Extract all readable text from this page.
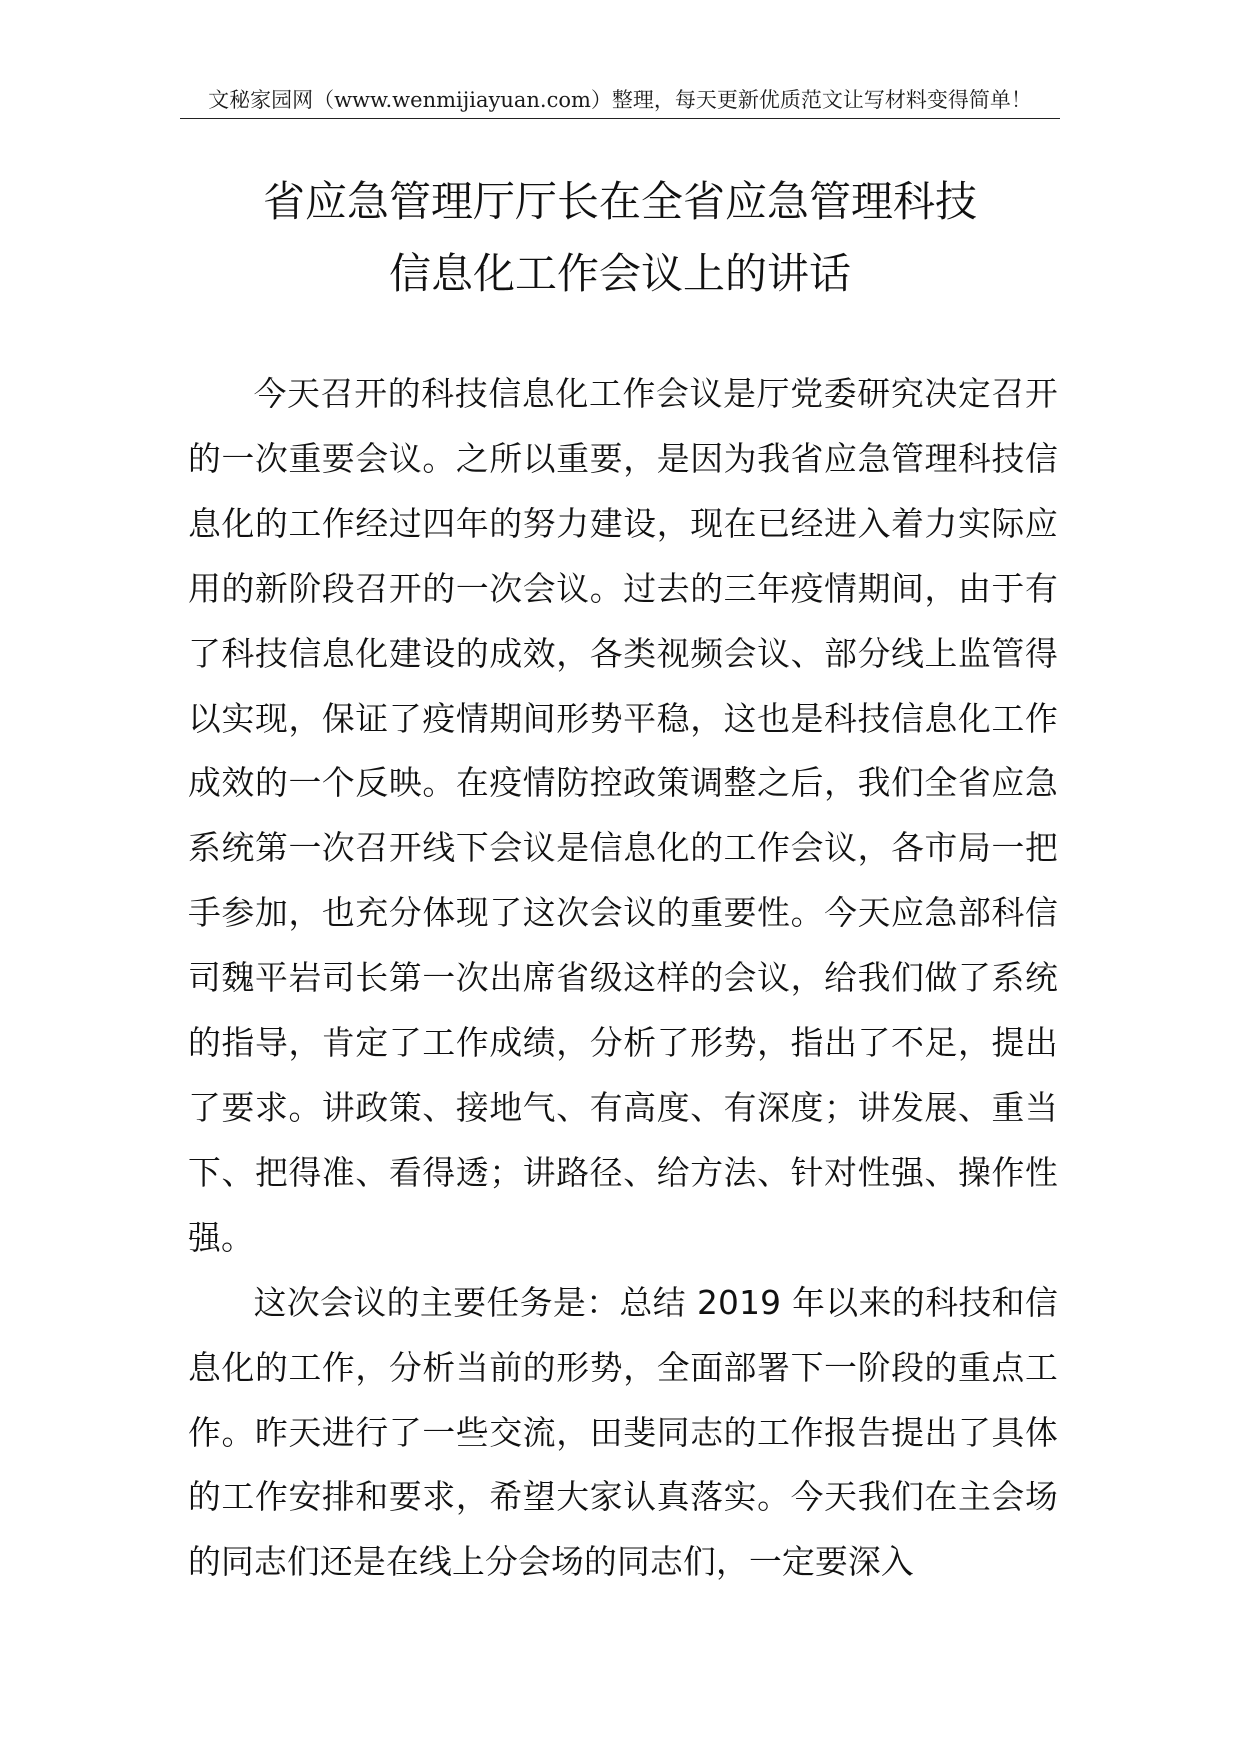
文秘家园网（www.wenmijiayuan.com）整理，每天更新优质范文让写材料变得简单！
省应急管理厅厅长在全省应急管理科技
信息化工作会议上的讲话

今天召开的科技信息化工作会议是厅党委研究决定召开的一次重要会议。之所以重要，是因为我省应急管理科技信息化的工作经过四年的努力建设，现在已经进入着力实际应用的新阶段召开的一次会议。过去的三年疫情期间，由于有了科技信息化建设的成效，各类视频会议、部分线上监管得以实现，保证了疫情期间形势平稳，这也是科技信息化工作成效的一个反映。在疫情防控政策调整之后，我们全省应急系统第一次召开线下会议是信息化的工作会议，各市局一把手参加，也充分体现了这次会议的重要性。今天应急部科信司魏平岩司长第一次出席省级这样的会议，给我们做了系统的指导，肯定了工作成绩，分析了形势，指出了不足，提出了要求。讲政策、接地气、有高度、有深度；讲发展、重当下、把得准、看得透；讲路径、给方法、针对性强、操作性强。

这次会议的主要任务是：总结 2019 年以来的科技和信息化的工作，分析当前的形势，全面部署下一阶段的重点工作。昨天进行了一些交流，田斐同志的工作报告提出了具体的工作安排和要求，希望大家认真落实。今天我们在主会场的同志们还是在线上分会场的同志们，一定要深入
